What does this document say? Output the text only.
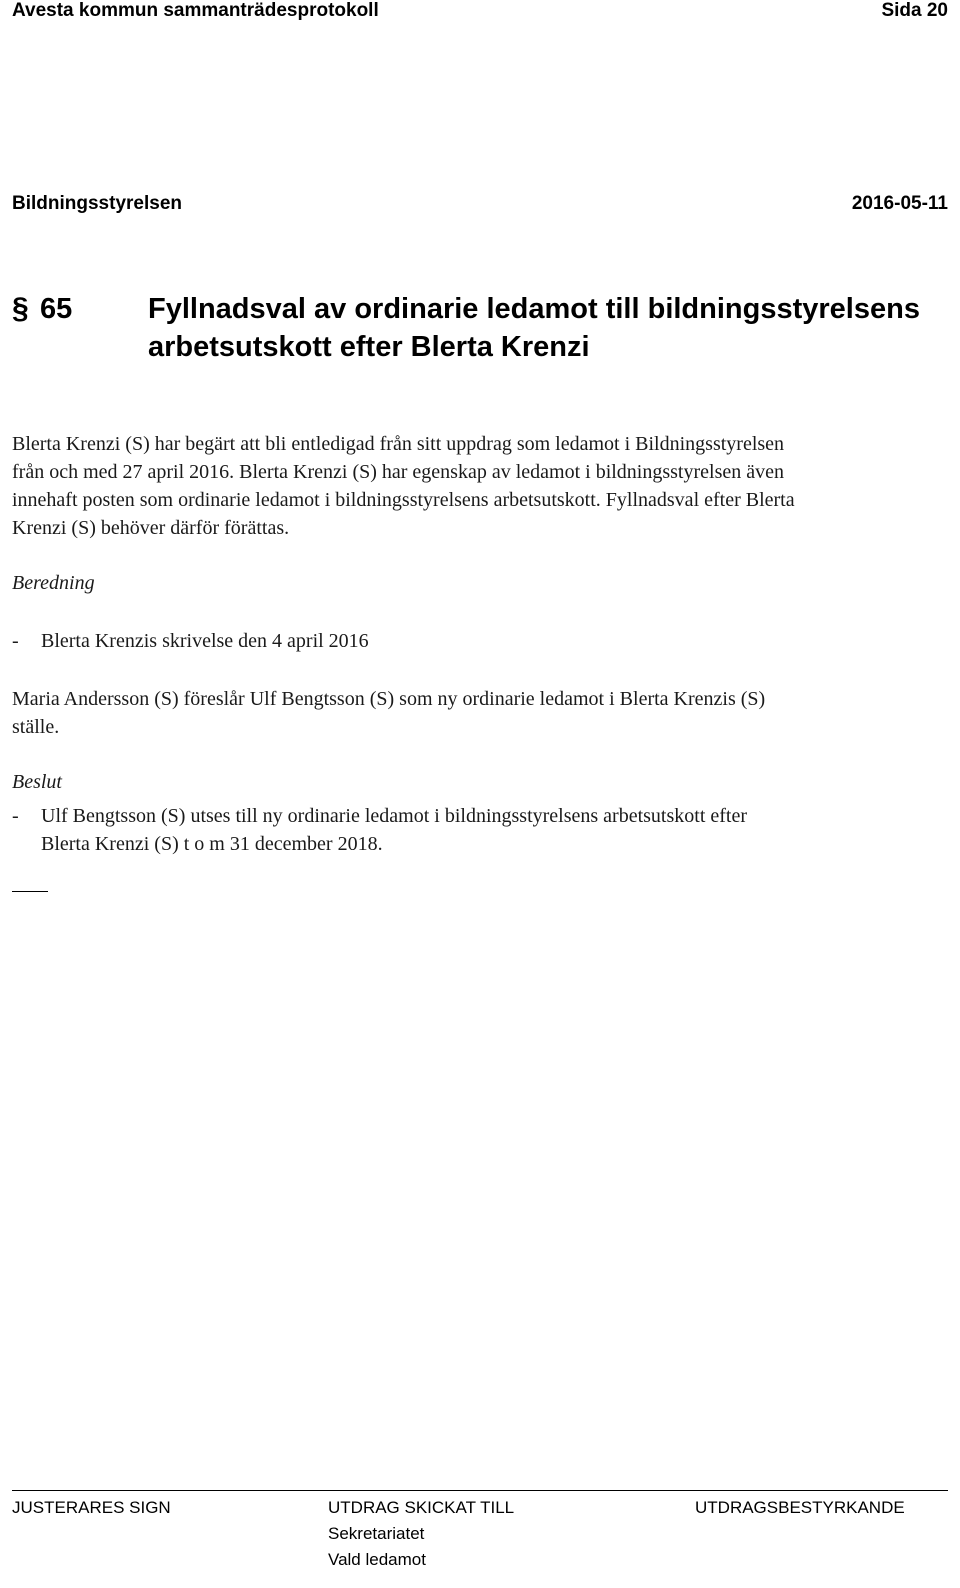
Avesta kommun sammanträdesprotokoll	Sida 20
Bildningsstyrelsen	2016-05-11
§ 65	Fyllnadsval av ordinarie ledamot till bildningsstyrelsens arbetsutskott efter Blerta Krenzi
Blerta Krenzi (S) har begärt att bli entledigad från sitt uppdrag som ledamot i Bildningsstyrelsen
från och med 27 april 2016. Blerta Krenzi (S) har egenskap av ledamot i bildningsstyrelsen även
innehaft posten som ordinarie ledamot i bildningsstyrelsens arbetsutskott. Fyllnadsval efter Blerta
Krenzi (S) behöver därför förättas.
Beredning
- Blerta Krenzis skrivelse den 4 april 2016
Maria Andersson (S) föreslår Ulf Bengtsson (S) som ny ordinarie ledamot i Blerta Krenzis (S)
ställe.
Beslut
- Ulf Bengtsson (S) utses till ny ordinarie ledamot i bildningsstyrelsens arbetsutskott efter
Blerta Krenzi (S) t o m 31 december 2018.
JUSTERARES SIGN	UTDRAG SKICKAT TILL
Sekretariatet
Vald ledamot
UTDRAGSBESTYRKANDE
